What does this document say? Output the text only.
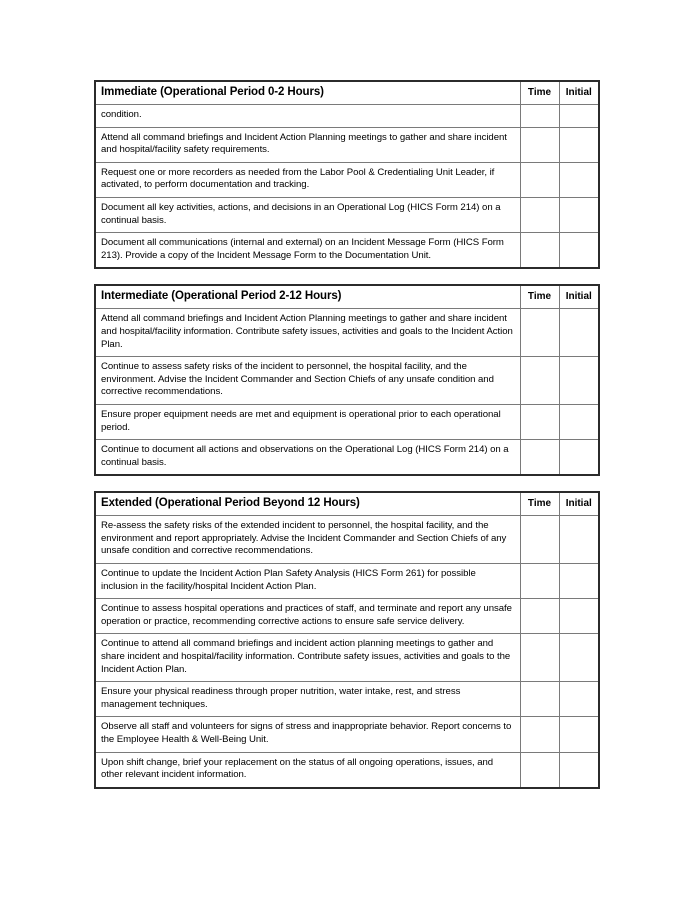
Immediate (Operational Period 0-2 Hours)	Time	Initial
condition.		
Attend all command briefings and Incident Action Planning meetings to gather and share incident and hospital/facility safety requirements.		
Request one or more recorders as needed from the Labor Pool & Credentialing Unit Leader, if activated, to perform documentation and tracking.		
Document all key activities, actions, and decisions in an Operational Log (HICS Form 214) on a continual basis.		
Document all communications (internal and external) on an Incident Message Form (HICS Form 213). Provide a copy of the Incident Message Form to the Documentation Unit.		
Intermediate (Operational Period 2-12 Hours)	Time	Initial
Attend all command briefings and Incident Action Planning meetings to gather and share incident and hospital/facility information. Contribute safety issues, activities and goals to the Incident Action Plan.		
Continue to assess safety risks of the incident to personnel, the hospital facility, and the environment. Advise the Incident Commander and Section Chiefs of any unsafe condition and corrective recommendations.		
Ensure proper equipment needs are met and equipment is operational prior to each operational period.		
Continue to document all actions and observations on the Operational Log (HICS Form 214) on a continual basis.		
Extended (Operational Period Beyond 12 Hours)	Time	Initial
Re-assess the safety risks of the extended incident to personnel, the hospital facility, and the environment and report appropriately. Advise the Incident Commander and Section Chiefs of any unsafe condition and corrective recommendations.		
Continue to update the Incident Action Plan Safety Analysis (HICS Form 261) for possible inclusion in the facility/hospital Incident Action Plan.		
Continue to assess hospital operations and practices of staff, and terminate and report any unsafe operation or practice, recommending corrective actions to ensure safe service delivery.		
Continue to attend all command briefings and incident action planning meetings to gather and share incident and hospital/facility information. Contribute safety issues, activities and goals to the Incident Action Plan.		
Ensure your physical readiness through proper nutrition, water intake, rest, and stress management techniques.		
Observe all staff and volunteers for signs of stress and inappropriate behavior. Report concerns to the Employee Health & Well-Being Unit.		
Upon shift change, brief your replacement on the status of all ongoing operations, issues, and other relevant incident information.		
